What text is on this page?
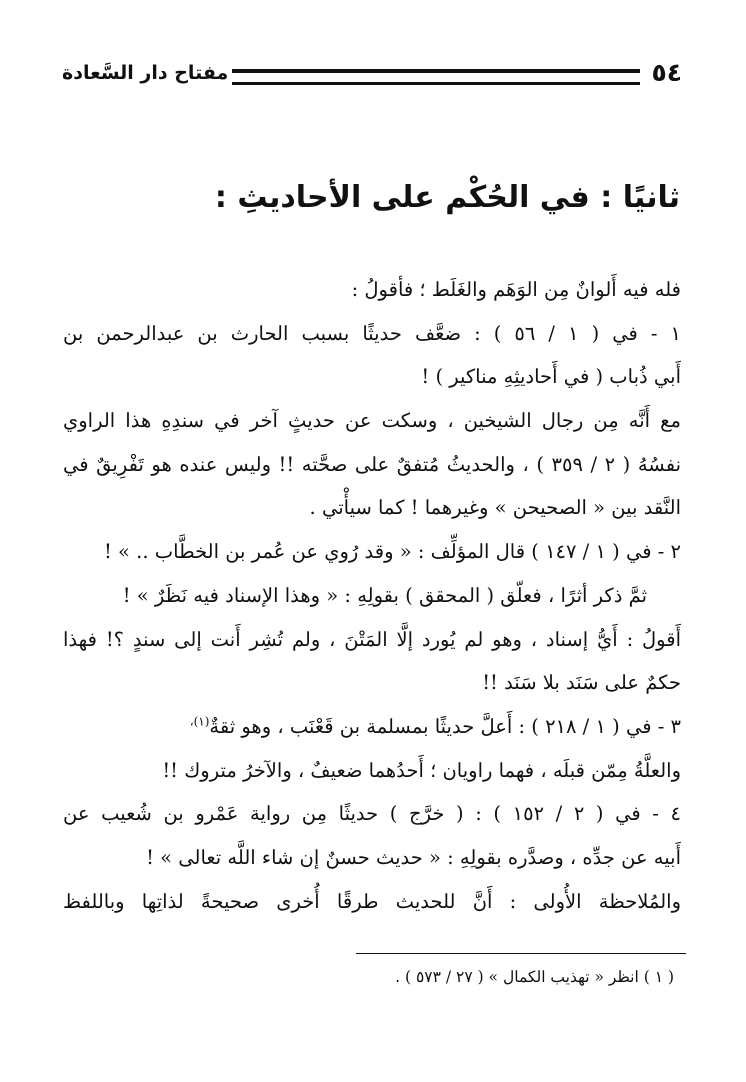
٥٤
مفتاح دار السَّعادة
ثانيًا : في الحُكْم على الأحاديثِ :
فله فيه أَلوانٌ مِن الوَهَم والغَلَط ؛ فأقولُ :
١ - في ( ١ / ٥٦ ) : ضعَّف حديثًا بسبب الحارث بن عبدالرحمن بن
أَبي ذُباب ( في أَحاديثِهِ مناكير ) !
مع أَنَّه مِن رجال الشيخين ، وسكت عن حديثٍ آخر في سندِهِ هذا الراوي
نفسُهُ ( ٢ / ٣٥٩ ) ، والحديثُ مُتفقٌ على صحَّته !! وليس عنده هو تَفْرِيقٌ في
النَّقد بين « الصحيحن » وغيرهما ! كما سيأْتي .
٢ - في ( ١ / ١٤٧ ) قال المؤلِّف : « وقد رُوي عن عُمر بن الخطَّاب .. » !
ثمَّ ذكر أثرًا ، فعلّق ( المحقق ) بقولِهِ : « وهذا الإسناد فيه نَظَرٌ » !
أَقولُ : أَيُّ إسناد ، وهو لم يُورد إلَّا المَتْنَ ، ولم تُشِر أَنت إلى سندٍ ؟! فهذا
حكمٌ على سَنَد بلا سَنَد !!
٣ - في ( ١ / ٢١٨ ) : أَعلَّ حديثًا بمسلمة بن قَعْنَب ، وهو ثقةٌ$^{(١)،}$
والعلَّةُ مِمّن قبلَه ، فهما راويان ؛ أَحدُهما ضعيفٌ ، والآخرُ متروك !!
٤ - في ( ٢ / ١٥٢ ) : ( خرَّج ) حديثًا مِن رواية عَمْرو بن شُعيب عن
أَبيه عن جدِّه ، وصدَّره بقولِهِ : « حديث حسنٌ إن شاء اللَّه تعالى » !
والمُلاحظة الأُولى : أَنَّ للحديث طرقًا أُخرى صحيحةً لذاتِها وباللفظ
( ١ ) انظر « تهذيب الكمال » ( ٢٧ / ٥٧٣ ) .
